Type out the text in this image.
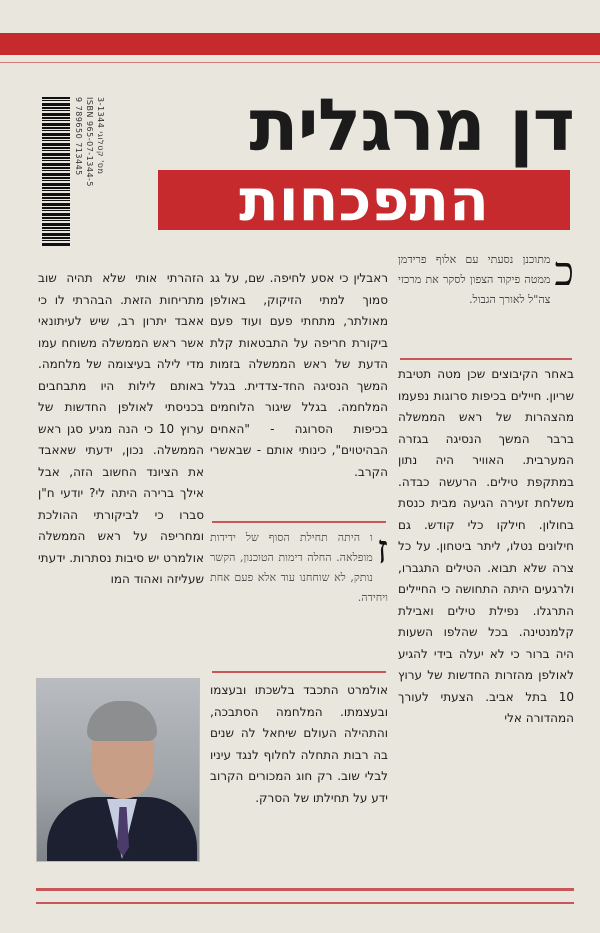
9 789650 713445 ISBN 965-07-1344-5 מס' קטלוגי 3-1344	דן מרגלית
התפכחות

כ
מתוכנן נסעתי עם אלוף פרידמן ממטה פיקוד הצפון לסקר את מרכזי צה"ל לאורך הגבול.

באחר הקיבוצים שכן מטה תטיבת שריון. חיילים בכיפות סרוגות נפעמו מהצהרות של ראש הממשלה ברבר המשך הנסיגה בגזרה המערבית. האוויר היה נתון במתקפת טילים. הרעשה כבדה. משלחת זעירה הגיעה מבית כנסת בחולון. חילקו כלי קודש. גם חילונים נטלו, ליתר ביטחון. על כל צרה שלא תבוא. הטילים התגברו, ולרגעים היתה התחושה כי החיילים התרגלו. נפילת טילים ואבילת קלמנטינה. בכל שהלפו השעות היה ברור כי לא יעלה בידי להגיע לאולפן מהזרות החדשות של ערוץ 10 בתל אביב. הצעתי לעורך המהדורה אלי

ראבלין כי אסע לחיפה. שם, על גג סמוך למתי הזיקוק, באולפן מאולתר, מתחתי פעם ועוד פעם ביקורת חריפה על התבטאות קלת הדעת של ראש הממשלה בזמות המשך הנסיגה החד-צדדית. בגלל המלחמה. בגלל שיגור הלוחמים בכיפות הסרוגה - "האחים הבהיטוים", כינותי אותם - שבאשרי הקרב.

ז
ו היתה תחילת הסוף של ידידות מופלאה. החלה דימות הטוכנון, הקשר נותק, לא שוחחנו עוד אלא פעם אחת ויחידה.

אולמרט התכבד בלשכתו ובעצמו ובעצמתו. המלחמה הסתבכה, והתהילה העולם שיחאל לה שנים בה רבות התחלה לחלוף לנגד עיניו לבלי שוב. רק חוג המכורים הקרוב ידע על תחילתו של הסרק.

הזהרתי אותי שלא תהיה שוב מתריחות הזאת. הבהרתי לו כי אאבד יתרון רב, שיש לעיתונאי אשר ראש הממשלה משוחח עמו מדי לילה בעיצומה של מלחמה. באותם לילות היו מתבחבים בכניסתי לאולפן החדשות של ערוץ 10 כי הנה מגיע סגן ראש הממשלה. נכון, ידעתי שאאבד את הציונד החשוב הזה, אבל אילך ברירה היתה לי? יודעי ח"ן סברו כי לביקורתי ההולכת ומחריפה על ראש הממשלה אולמרט יש סיבות נסתרות. ידעתי שעליזה ואהוד המו
